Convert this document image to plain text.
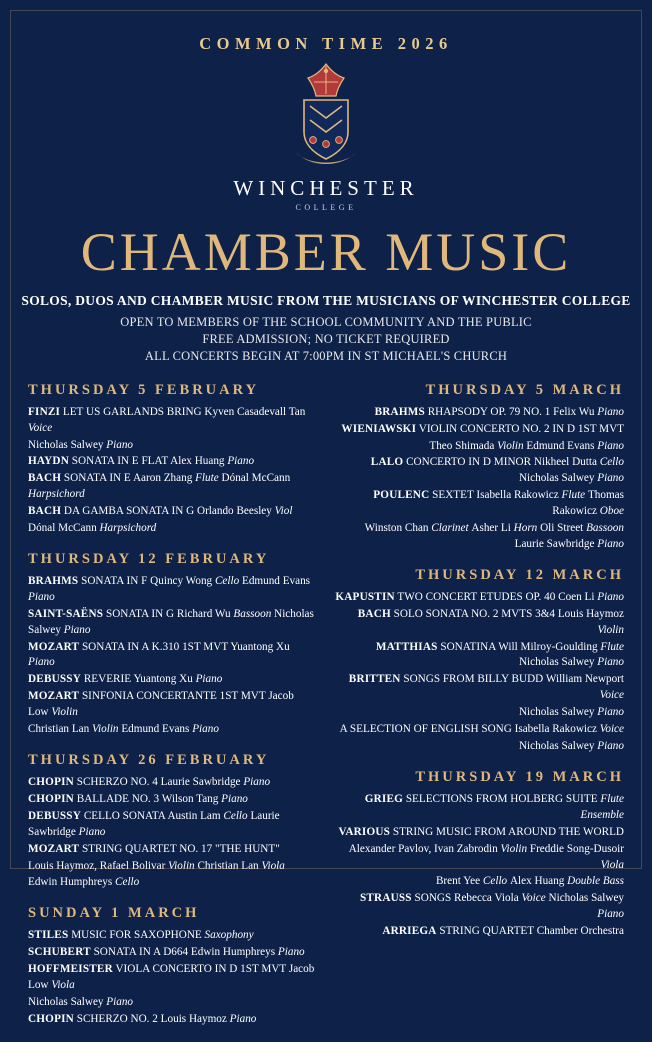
COMMON TIME 2026
WINCHESTER
COLLEGE
CHAMBER MUSIC
SOLOS, DUOS AND CHAMBER MUSIC FROM THE MUSICIANS OF WINCHESTER COLLEGE
OPEN TO MEMBERS OF THE SCHOOL COMMUNITY AND THE PUBLIC
FREE ADMISSION; NO TICKET REQUIRED
ALL CONCERTS BEGIN AT 7:00PM IN ST MICHAEL'S CHURCH
THURSDAY 5 FEBRUARY
FINZI LET US GARLANDS BRING Kyven Casadevall Tan Voice
Nicholas Salwey Piano
HAYDN SONATA IN E FLAT Alex Huang Piano
BACH SONATA IN E Aaron Zhang Flute Dónal McCann Harpsichord
BACH DA GAMBA SONATA IN G Orlando Beesley Viol
Dónal McCann Harpsichord
THURSDAY 12 FEBRUARY
BRAHMS SONATA IN F Quincy Wong Cello Edmund Evans Piano
SAINT-SAËNS SONATA IN G Richard Wu Bassoon Nicholas Salwey Piano
MOZART SONATA IN A K.310 1ST MVT Yuantong Xu Piano
DEBUSSY REVERIE Yuantong Xu Piano
MOZART SINFONIA CONCERTANTE 1ST MVT Jacob Low Violin
Christian Lan Violin Edmund Evans Piano
THURSDAY 26 FEBRUARY
CHOPIN SCHERZO NO. 4 Laurie Sawbridge Piano
CHOPIN BALLADE NO. 3 Wilson Tang Piano
DEBUSSY CELLO SONATA Austin Lam Cello Laurie Sawbridge Piano
MOZART STRING QUARTET NO. 17 "THE HUNT"
Louis Haymoz, Rafael Bolivar Violin Christian Lan Viola
Edwin Humphreys Cello
SUNDAY 1 MARCH
STILES MUSIC FOR SAXOPHONE Saxophony
SCHUBERT SONATA IN A D664 Edwin Humphreys Piano
HOFFMEISTER VIOLA CONCERTO IN D 1ST MVT Jacob Low Viola
Nicholas Salwey Piano
CHOPIN SCHERZO NO. 2 Louis Haymoz Piano
THURSDAY 5 MARCH
BRAHMS RHAPSODY OP. 79 NO. 1 Felix Wu Piano
WIENIAWSKI VIOLIN CONCERTO NO. 2 IN D 1ST MVT
Theo Shimada Violin Edmund Evans Piano
LALO CONCERTO IN D MINOR Nikheel Dutta Cello Nicholas Salwey Piano
POULENC SEXTET Isabella Rakowicz Flute Thomas Rakowicz Oboe
Winston Chan Clarinet Asher Li Horn Oli Street Bassoon Laurie Sawbridge Piano
THURSDAY 12 MARCH
KAPUSTIN TWO CONCERT ETUDES OP. 40 Coen Li Piano
BACH SOLO SONATA NO. 2 MVTS 3&4 Louis Haymoz Violin
MATTHIAS SONATINA Will Milroy-Goulding Flute Nicholas Salwey Piano
BRITTEN SONGS FROM BILLY BUDD William Newport Voice
Nicholas Salwey Piano
A SELECTION OF ENGLISH SONG Isabella Rakowicz Voice
Nicholas Salwey Piano
THURSDAY 19 MARCH
GRIEG SELECTIONS FROM HOLBERG SUITE Flute Ensemble
VARIOUS STRING MUSIC FROM AROUND THE WORLD
Alexander Pavlov, Ivan Zabrodin Violin Freddie Song-Dusoir Viola
Brent Yee Cello Alex Huang Double Bass
STRAUSS SONGS Rebecca Viola Voice Nicholas Salwey Piano
ARRIEGA STRING QUARTET Chamber Orchestra
